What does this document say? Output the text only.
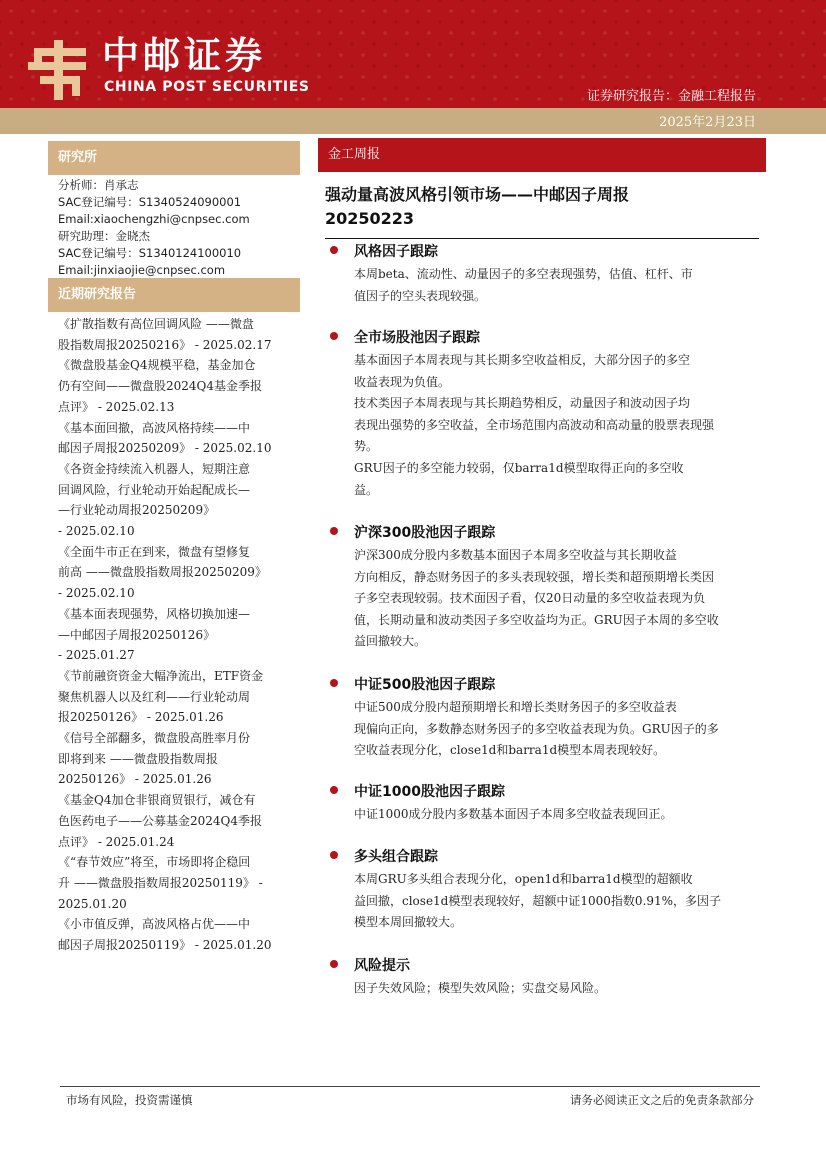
中邮证券
CHINA POST SECURITIES
证券研究报告：金融工程报告
2025年2月23日
研究所
分析师：肖承志
SAC登记编号：S1340524090001
Email:xiaochengzhi@cnpsec.com
研究助理：金晓杰
SAC登记编号：S1340124100010
Email:jinxiaojie@cnpsec.com
近期研究报告
《扩散指数有高位回调风险 ——微盘
股指数周报20250216》 - 2025.02.17
《微盘股基金Q4规模平稳，基金加仓
仍有空间——微盘股2024Q4基金季报
点评》 - 2025.02.13
《基本面回撤，高波风格持续——中
邮因子周报20250209》 - 2025.02.10
《各资金持续流入机器人，短期注意
回调风险，行业轮动开始起配成长—
—行业轮动周报20250209》
- 2025.02.10
《全面牛市正在到来，微盘有望修复
前高 ——微盘股指数周报20250209》
- 2025.02.10
《基本面表现强势，风格切换加速—
—中邮因子周报20250126》
- 2025.01.27
《节前融资资金大幅净流出，ETF资金
聚焦机器人以及红利——行业轮动周
报20250126》 - 2025.01.26
《信号全部翻多，微盘股高胜率月份
即将到来 ——微盘股指数周报
20250126》 - 2025.01.26
《基金Q4加仓非银商贸银行，减仓有
色医药电子——公募基金2024Q4季报
点评》 - 2025.01.24
《“春节效应”将至，市场即将企稳回
升 ——微盘股指数周报20250119》 -
2025.01.20
《小市值反弹，高波风格占优——中
邮因子周报20250119》 - 2025.01.20
金工周报
强动量高波风格引领市场——中邮因子周报
20250223
风格因子跟踪
本周beta、流动性、动量因子的多空表现强势，估值、杠杆、市
值因子的空头表现较强。
全市场股池因子跟踪
基本面因子本周表现与其长期多空收益相反，大部分因子的多空
收益表现为负值。
技术类因子本周表现与其长期趋势相反，动量因子和波动因子均
表现出强势的多空收益，全市场范围内高波动和高动量的股票表现强
势。
GRU因子的多空能力较弱，仅barra1d模型取得正向的多空收
益。
沪深300股池因子跟踪
沪深300成分股内多数基本面因子本周多空收益与其长期收益
方向相反，静态财务因子的多头表现较强，增长类和超预期增长类因
子多空表现较弱。技术面因子看，仅20日动量的多空收益表现为负
值，长期动量和波动类因子多空收益均为正。GRU因子本周的多空收
益回撤较大。
中证500股池因子跟踪
中证500成分股内超预期增长和增长类财务因子的多空收益表
现偏向正向，多数静态财务因子的多空收益表现为负。GRU因子的多
空收益表现分化，close1d和barra1d模型本周表现较好。
中证1000股池因子跟踪
中证1000成分股内多数基本面因子本周多空收益表现回正。
多头组合跟踪
本周GRU多头组合表现分化，open1d和barra1d模型的超额收
益回撤，close1d模型表现较好，超额中证1000指数0.91%，多因子
模型本周回撤较大。
风险提示
因子失效风险；模型失效风险；实盘交易风险。
市场有风险，投资需谨慎	请务必阅读正文之后的免责条款部分
